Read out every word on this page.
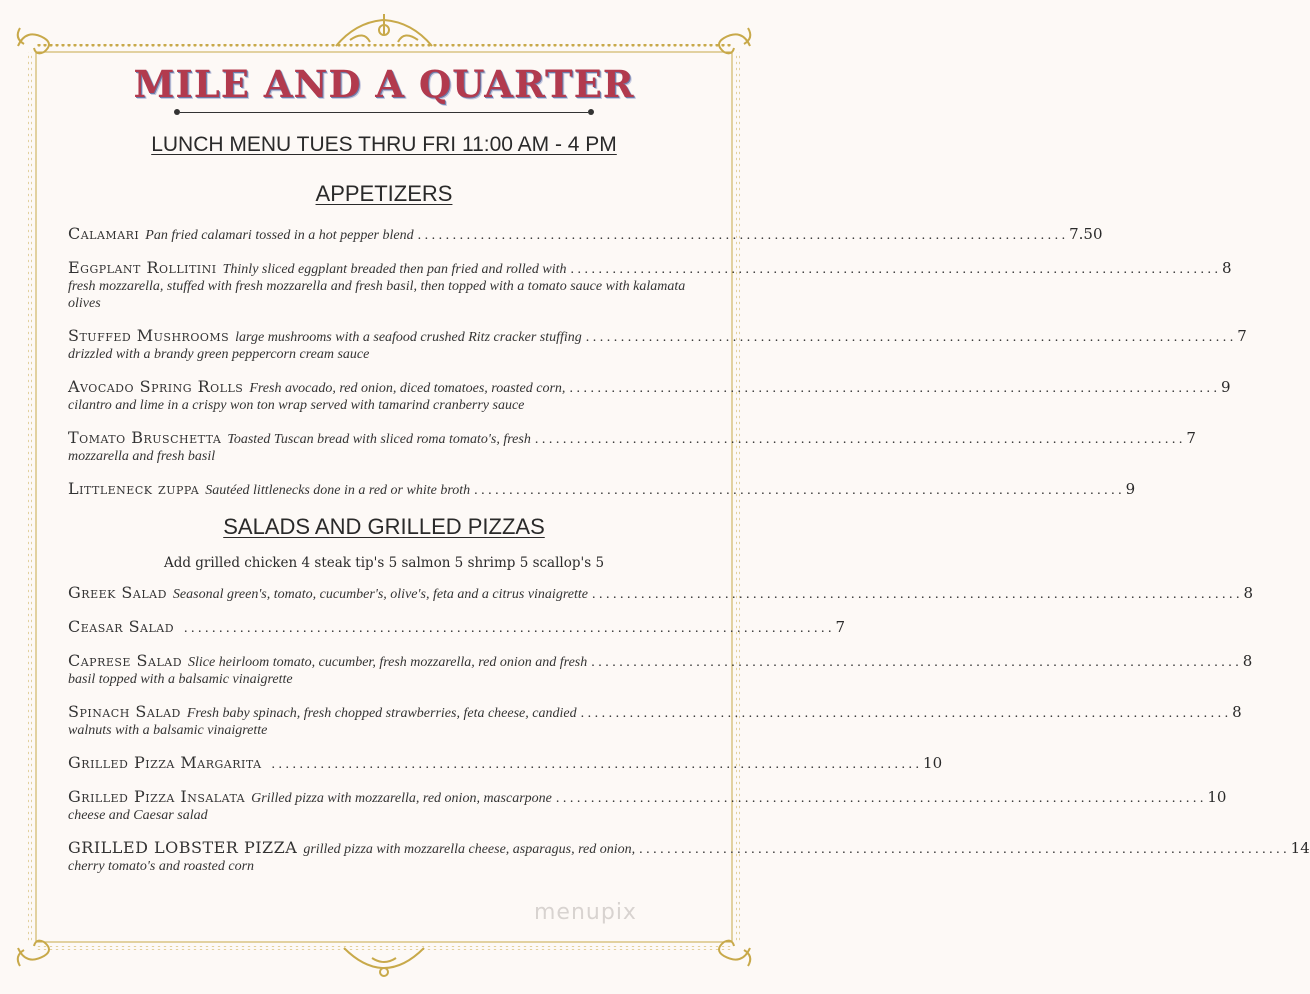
MILE AND A QUARTER
LUNCH MENU TUES THRU FRI 11:00 AM - 4 PM
APPETIZERS
Calamari Pan fried calamari tossed in a hot pepper blend . . .	7.50
Eggplant Rollitini Thinly sliced eggplant breaded then pan fried and rolled with . . .	8
fresh mozzarella, stuffed with fresh mozzarella and fresh basil, then topped with a tomato sauce with kalamata olives
Stuffed Mushrooms large mushrooms with a seafood crushed Ritz cracker stuffing . . .	7
drizzled with a brandy green peppercorn cream sauce
Avocado Spring Rolls Fresh avocado, red onion, diced tomatoes, roasted corn, . . .	9
cilantro and lime in a crispy won ton wrap served with tamarind cranberry sauce
Tomato Bruschetta Toasted Tuscan bread with sliced roma tomato's, fresh . . .	7
mozzarella and fresh basil
Littleneck zuppa Sautéed littlenecks done in a red or white broth . . .	9
SALADS AND GRILLED PIZZAS
Add grilled chicken 4 steak tip's 5 salmon 5 shrimp 5 scallop's 5
Greek Salad Seasonal green's, tomato, cucumber's, olive's, feta and a citrus vinaigrette . . .	8
Ceasar Salad . . .	7
Caprese Salad Slice heirloom tomato, cucumber, fresh mozzarella, red onion and fresh . . .	8
basil topped with a balsamic vinaigrette
Spinach Salad Fresh baby spinach, fresh chopped strawberries, feta cheese, candied . . .	8
walnuts with a balsamic vinaigrette
Grilled Pizza Margarita . . .	10
Grilled Pizza Insalata Grilled pizza with mozzarella, red onion, mascarpone . . .	10
cheese and Caesar salad
GRILLED LOBSTER PIZZA grilled pizza with mozzarella cheese, asparagus, red onion, . . .	14
cherry tomato's and roasted corn
menupix
